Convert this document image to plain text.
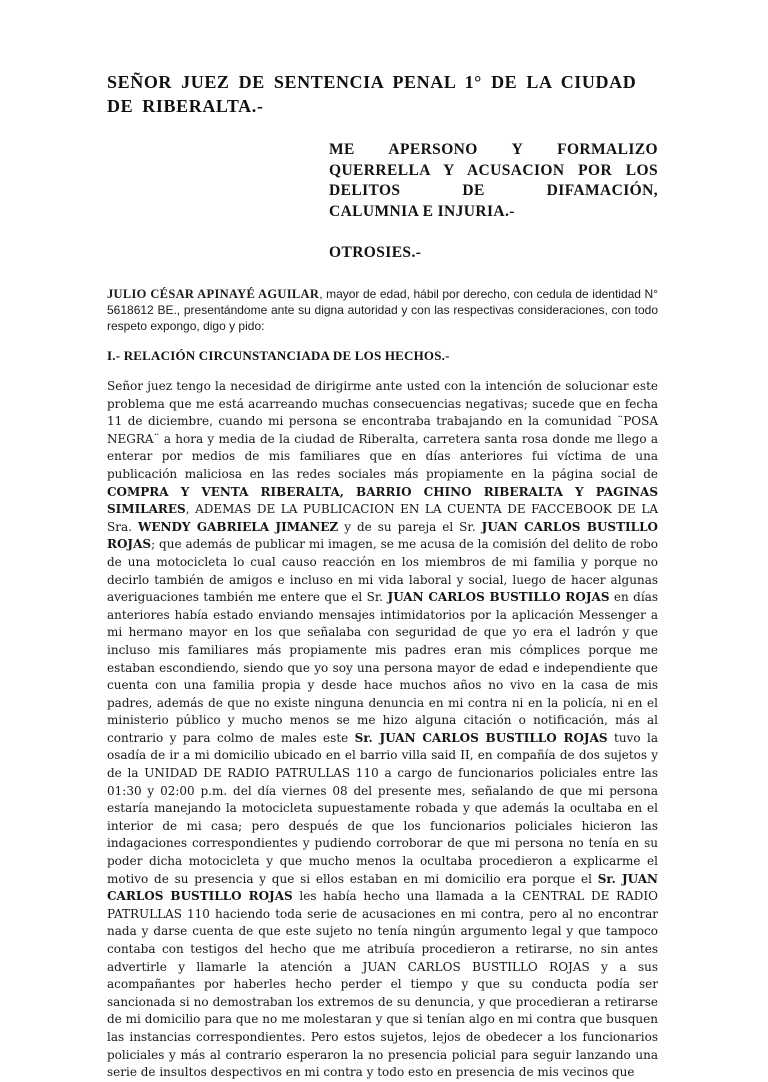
SEÑOR JUEZ DE SENTENCIA PENAL 1° DE LA CIUDAD DE RIBERALTA.-
ME APERSONO Y FORMALIZO
QUERRELLA Y ACUSACION POR LOS
DELITOS DE DIFAMACIÓN,
CALUMNIA E INJURIA.-
OTROSIES.-

JULIO CÉSAR APINAYÉ AGUILAR, mayor de edad, hábil por derecho, con cedula de identidad N° 5618612 BE., presentándome ante su digna autoridad y con las respectivas consideraciones, con todo respeto expongo, digo y pido:

I.- RELACIÓN CIRCUNSTANCIADA DE LOS HECHOS.-

Señor juez tengo la necesidad de dirigirme ante usted con la intención de solucionar este problema que me está acarreando muchas consecuencias negativas; sucede que en fecha 11 de diciembre, cuando mi persona se encontraba trabajando en la comunidad ¨POSA NEGRA¨ a hora y media de la ciudad de Riberalta, carretera santa rosa donde me llego a enterar por medios de mis familiares que en días anteriores fui víctima de una publicación maliciosa en las redes sociales más propiamente en la página social de COMPRA Y VENTA RIBERALTA, BARRIO CHINO RIBERALTA Y PAGINAS SIMILARES, ADEMAS DE LA PUBLICACION EN LA CUENTA DE FACCEBOOK DE LA Sra. WENDY GABRIELA JIMANEZ y de su pareja el Sr. JUAN CARLOS BUSTILLO ROJAS; que además de publicar mi imagen, se me acusa de la comisión del delito de robo de una motocicleta lo cual causo reacción en los miembros de mi familia y porque no decirlo también de amigos e incluso en mi vida laboral y social, luego de hacer algunas averiguaciones también me entere que el Sr. JUAN CARLOS BUSTILLO ROJAS en días anteriores había estado enviando mensajes intimidatorios por la aplicación Messenger a mi hermano mayor en los que señalaba con seguridad de que yo era el ladrón y que incluso mis familiares más propiamente mis padres eran mis cómplices porque me estaban escondiendo, siendo que yo soy una persona mayor de edad e independiente que cuenta con una familia propia y desde hace muchos años no vivo en la casa de mis padres, además de que no existe ninguna denuncia en mi contra ni en la policía, ni en el ministerio público y mucho menos se me hizo alguna citación o notificación, más al contrario y para colmo de males este Sr. JUAN CARLOS BUSTILLO ROJAS tuvo la osadía de ir a mi domicilio ubicado en el barrio villa said II, en compañía de dos sujetos y de la UNIDAD DE RADIO PATRULLAS 110 a cargo de funcionarios policiales entre las 01:30 y 02:00 p.m. del día viernes 08 del presente mes, señalando de que mi persona estaría manejando la motocicleta supuestamente robada y que además la ocultaba en el interior de mi casa; pero después de que los funcionarios policiales hicieron las indagaciones correspondientes y pudiendo corroborar de que mi persona no tenía en su poder dicha motocicleta y que mucho menos la ocultaba procedieron a explicarme el motivo de su presencia y que si ellos estaban en mi domicilio era porque el Sr. JUAN CARLOS BUSTILLO ROJAS les había hecho una llamada a la CENTRAL DE RADIO PATRULLAS 110 haciendo toda serie de acusaciones en mi contra, pero al no encontrar nada y darse cuenta de que este sujeto no tenía ningún argumento legal y que tampoco contaba con testigos del hecho que me atribuía procedieron a retirarse, no sin antes advertirle y llamarle la atención a JUAN CARLOS BUSTILLO ROJAS y a sus acompañantes por haberles hecho perder el tiempo y que su conducta podía ser sancionada si no demostraban los extremos de su denuncia, y que procedieran a retirarse de mi domicilio para que no me molestaran y que si tenían algo en mi contra que busquen las instancias correspondientes. Pero estos sujetos, lejos de obedecer a los funcionarios policiales y más al contrario esperaron la no presencia policial para seguir lanzando una serie de insultos despectivos en mi contra y todo esto en presencia de mis vecinos que
